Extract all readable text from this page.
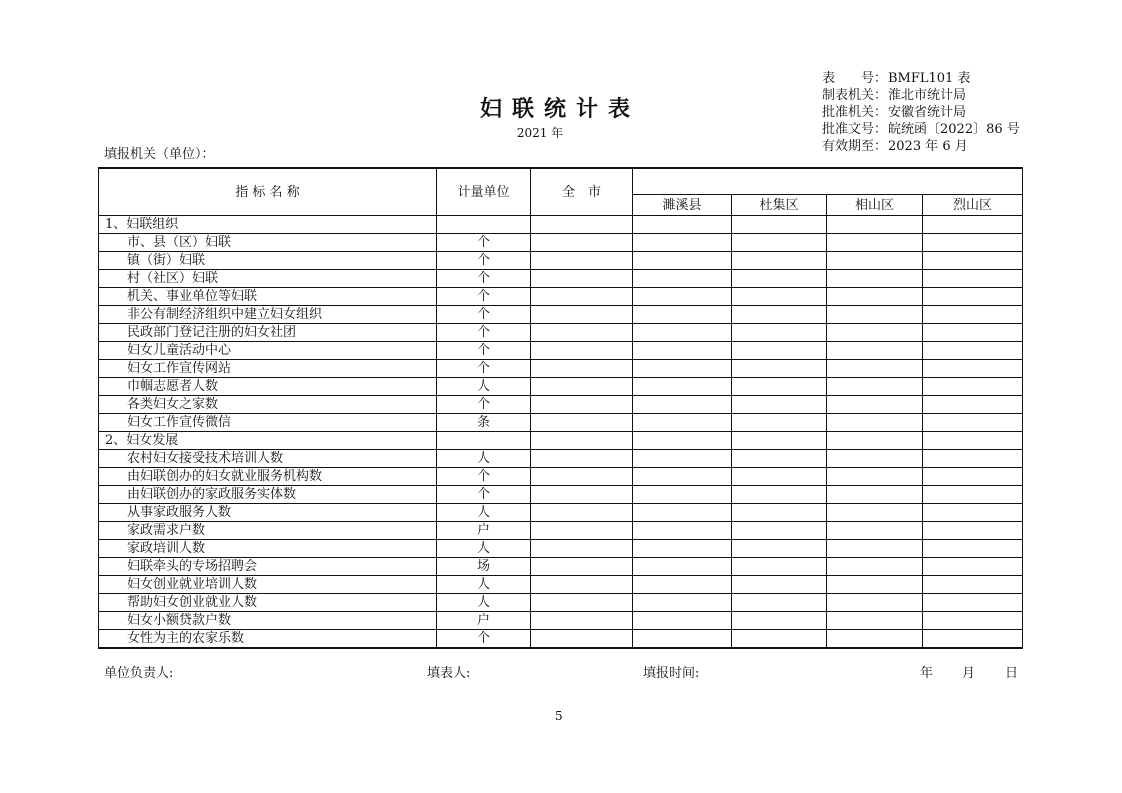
表　　号：BMFL101 表
制表机关：淮北市统计局
批准机关：安徽省统计局
批准文号：皖统函〔2022〕86 号
有效期至：2023 年 6 月
妇联统计表
2021 年
填报机关（单位）：
指 标 名 称	计量单位	全　市				
			濉溪县	杜集区	相山区	烈山区
1、妇联组织						
市、县（区）妇联	个					
镇（街）妇联	个					
村（社区）妇联	个					
机关、事业单位等妇联	个					
非公有制经济组织中建立妇女组织	个					
民政部门登记注册的妇女社团	个					
妇女儿童活动中心	个					
妇女工作宣传网站	个					
巾帼志愿者人数	人					
各类妇女之家数	个					
妇女工作宣传微信	条					
2、妇女发展						
农村妇女接受技术培训人数	人					
由妇联创办的妇女就业服务机构数	个					
由妇联创办的家政服务实体数	个					
从事家政服务人数	人					
家政需求户数	户					
家政培训人数	人					
妇联牵头的专场招聘会	场					
妇女创业就业培训人数	人					
帮助妇女创业就业人数	人					
妇女小额贷款户数	户					
女性为主的农家乐数	个					
单位负责人:	填表人:	填报时间:	年 月 日
5
